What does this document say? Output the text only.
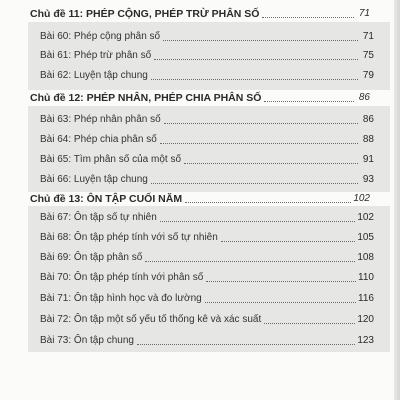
Chủ đề 11: PHÉP CỘNG, PHÉP TRỪ PHÂN SỐ	71
Bài 60: Phép cộng phân số	71
Bài 61: Phép trừ phân số	75
Bài 62: Luyện tập chung	79
Chủ đề 12: PHÉP NHÂN, PHÉP CHIA PHÂN SỐ	86
Bài 63: Phép nhân phân số	86
Bài 64: Phép chia phân số	88
Bài 65: Tìm phân số của một số	91
Bài 66: Luyện tập chung	93
Chủ đề 13: ÔN TẬP CUỐI NĂM	102
Bài 67: Ôn tập số tự nhiên	102
Bài 68: Ôn tập phép tính với số tự nhiên	105
Bài 69: Ôn tập phân số	108
Bài 70: Ôn tập phép tính với phân số	110
Bài 71: Ôn tập hình học và đo lường	116
Bài 72: Ôn tập một số yếu tố thống kê và xác suất	120
Bài 73: Ôn tập chung	123
